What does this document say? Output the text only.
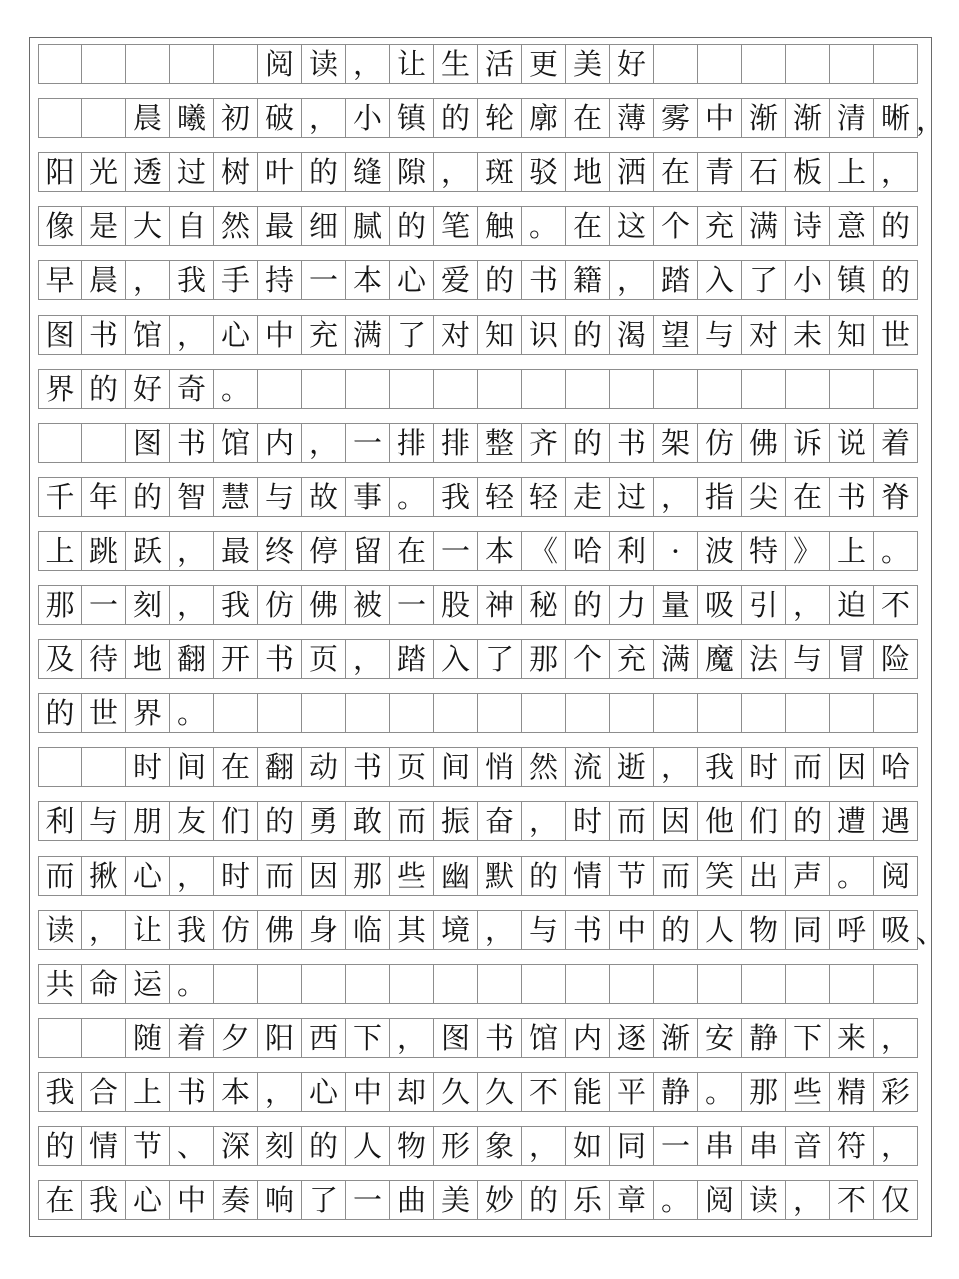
阅 读 ， 让 生 活 更 美 好
晨 曦 初 破 ， 小 镇 的 轮 廓 在 薄 雾 中 渐 渐 清 晰 ，
阳 光 透 过 树 叶 的 缝 隙 ， 斑 驳 地 洒 在 青 石 板 上 ，
像 是 大 自 然 最 细 腻 的 笔 触 。 在 这 个 充 满 诗 意 的
早 晨 ， 我 手 持 一 本 心 爱 的 书 籍 ， 踏 入 了 小 镇 的
图 书 馆 ， 心 中 充 满 了 对 知 识 的 渴 望 与 对 未 知 世
界 的 好 奇 。
图 书 馆 内 ， 一 排 排 整 齐 的 书 架 仿 佛 诉 说 着
千 年 的 智 慧 与 故 事 。 我 轻 轻 走 过 ， 指 尖 在 书 脊
上 跳 跃 ， 最 终 停 留 在 一 本 《 哈 利 · 波 特 》 上 。
那 一 刻 ， 我 仿 佛 被 一 股 神 秘 的 力 量 吸 引 ， 迫 不
及 待 地 翻 开 书 页 ， 踏 入 了 那 个 充 满 魔 法 与 冒 险
的 世 界 。
时 间 在 翻 动 书 页 间 悄 然 流 逝 ， 我 时 而 因 哈
利 与 朋 友 们 的 勇 敢 而 振 奋 ， 时 而 因 他 们 的 遭 遇
而 揪 心 ， 时 而 因 那 些 幽 默 的 情 节 而 笑 出 声 。 阅
读 ， 让 我 仿 佛 身 临 其 境 ， 与 书 中 的 人 物 同 呼 吸 、
共 命 运 。
随 着 夕 阳 西 下 ， 图 书 馆 内 逐 渐 安 静 下 来 ，
我 合 上 书 本 ， 心 中 却 久 久 不 能 平 静 。 那 些 精 彩
的 情 节 、 深 刻 的 人 物 形 象 ， 如 同 一 串 串 音 符 ，
在 我 心 中 奏 响 了 一 曲 美 妙 的 乐 章 。 阅 读 ， 不 仅
